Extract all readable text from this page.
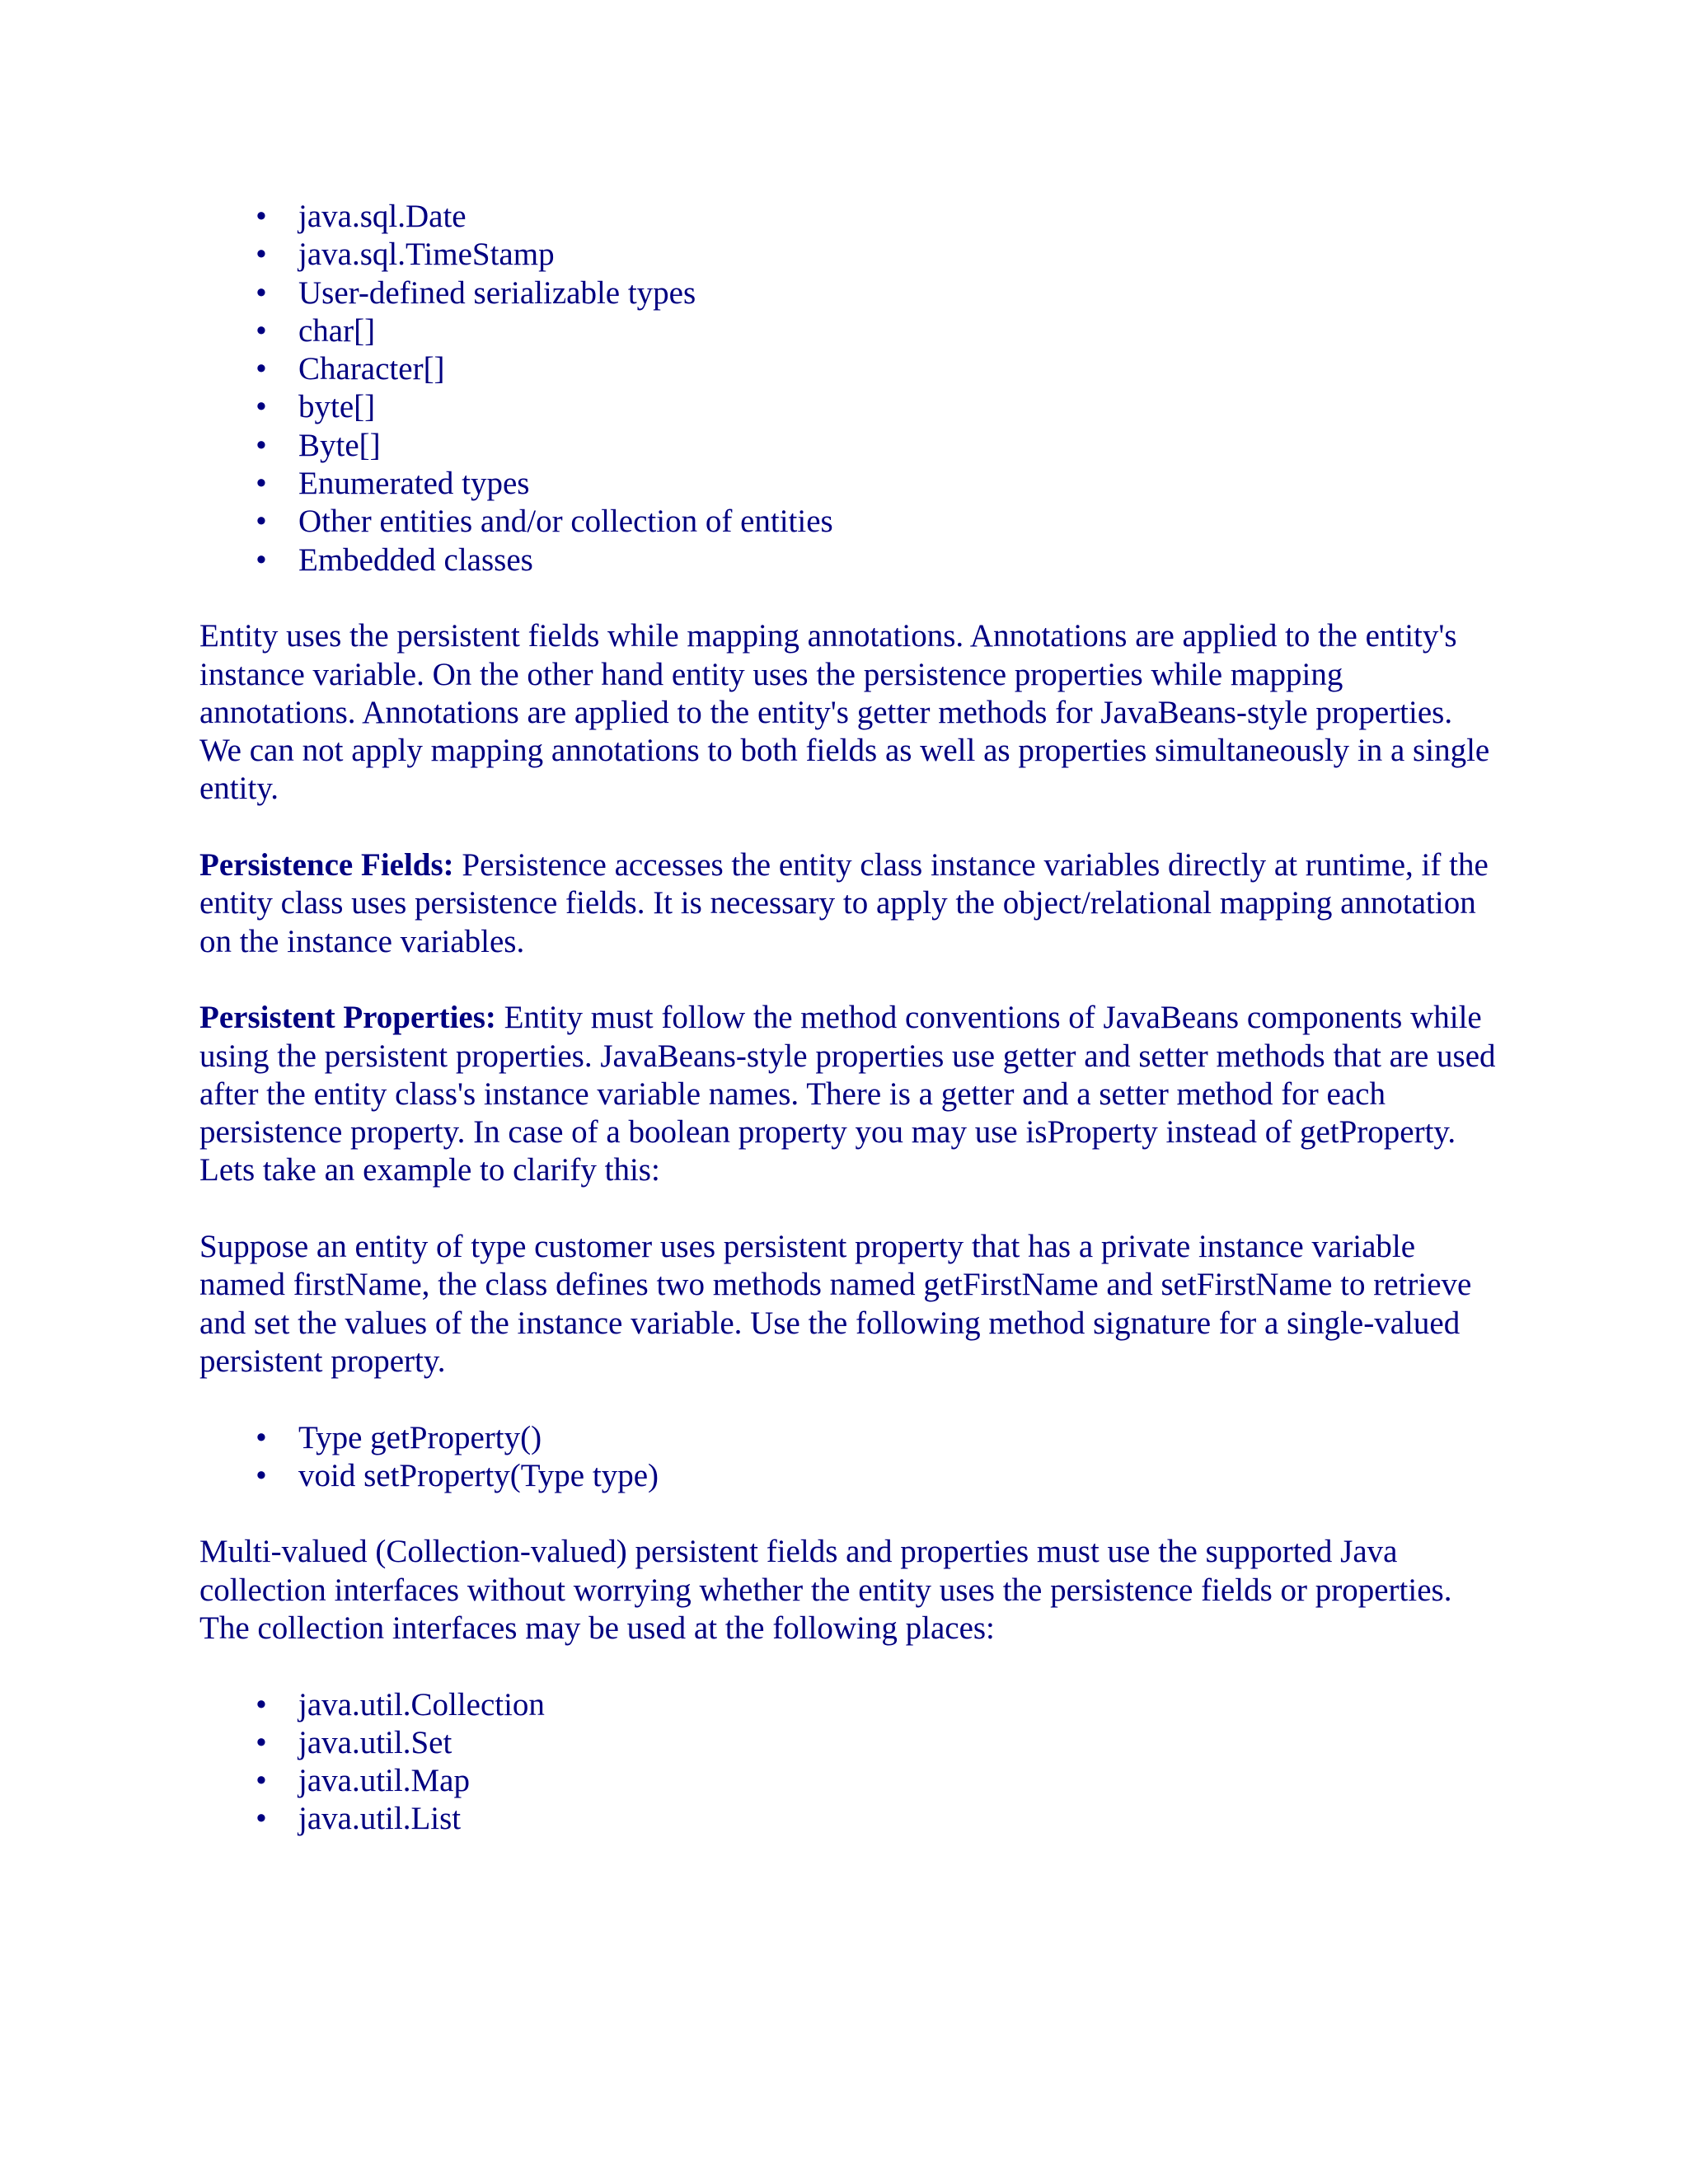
• java.sql.Date
• java.sql.TimeStamp
• User-defined serializable types
• char[]
• Character[]
• byte[]
• Byte[]
• Enumerated types
• Other entities and/or collection of entities
• Embedded classes

Entity uses the persistent fields while mapping annotations. Annotations are applied to the entity's instance variable. On the other hand entity uses the persistence properties while mapping annotations. Annotations are applied to the entity's getter methods for JavaBeans-style properties. We can not apply mapping annotations to both fields as well as properties simultaneously in a single entity.

Persistence Fields: Persistence accesses the entity class instance variables directly at runtime, if the entity class uses persistence fields. It is necessary to apply the object/relational mapping annotation on the instance variables.

Persistent Properties: Entity must follow the method conventions of JavaBeans components while using the persistent properties. JavaBeans-style properties use getter and setter methods that are used after the entity class's instance variable names. There is a getter and a setter method for each persistence property. In case of a boolean property you may use isProperty instead of getProperty. Lets take an example to clarify this:

Suppose an entity of type customer uses persistent property that has a private instance variable named firstName, the class defines two methods named getFirstName and setFirstName to retrieve and set the values of the instance variable. Use the following method signature for a single-valued persistent property.

• Type getProperty()
• void setProperty(Type type)

Multi-valued (Collection-valued) persistent fields and properties must use the supported Java collection interfaces without worrying whether the entity uses the persistence fields or properties. The collection interfaces may be used at the following places:

• java.util.Collection
• java.util.Set
• java.util.Map
• java.util.List
